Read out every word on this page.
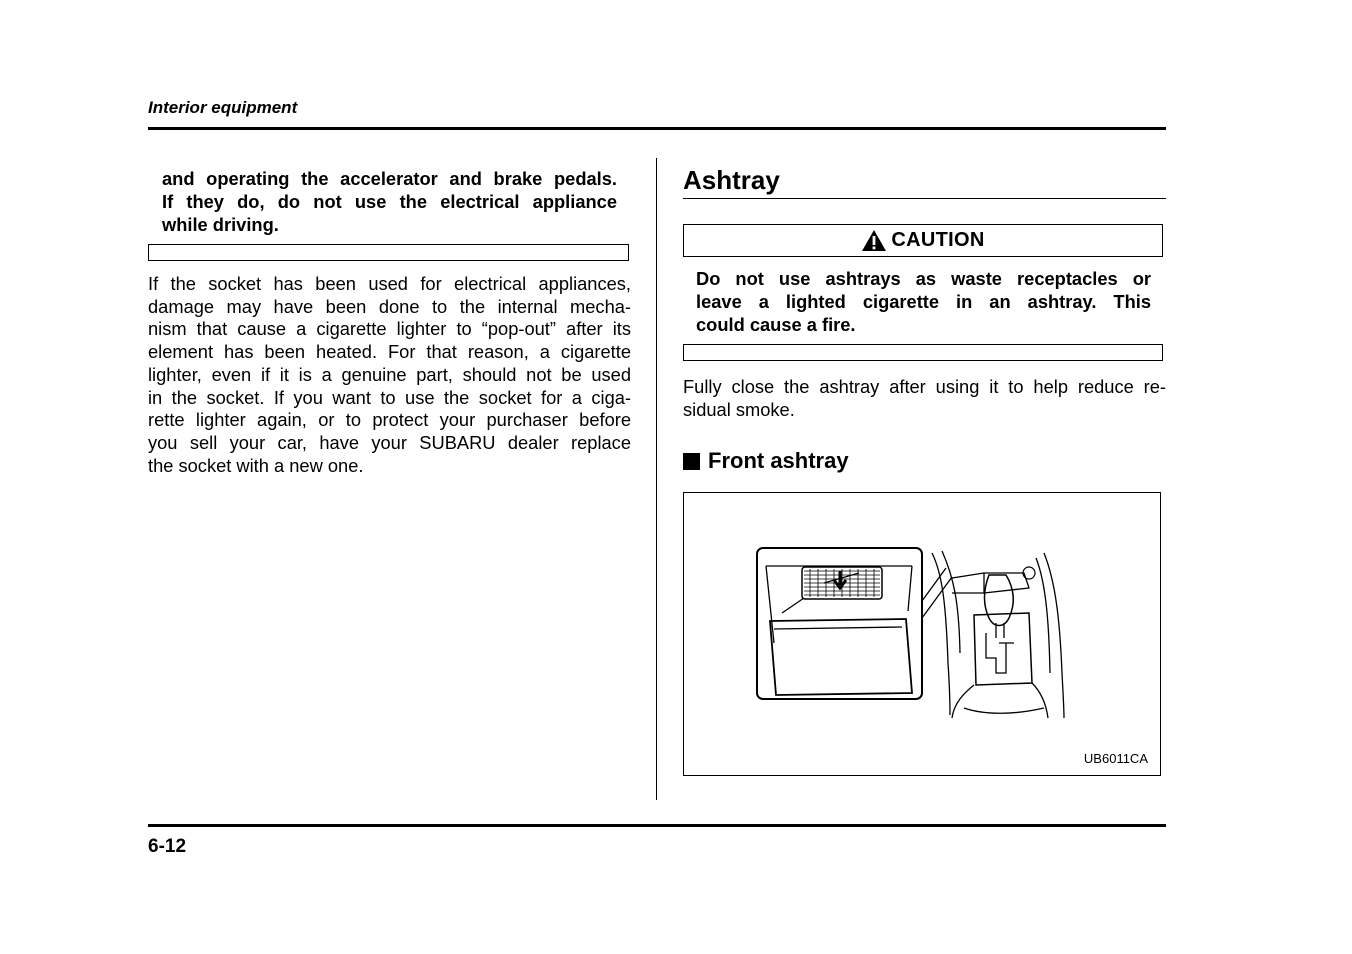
Interior equipment
and operating the accelerator and brake pedals.
If they do, do not use the electrical appliance
while driving.
If the socket has been used for electrical appliances,
damage may have been done to the internal mecha-
nism that cause a cigarette lighter to “pop-out” after its
element has been heated. For that reason, a cigarette
lighter, even if it is a genuine part, should not be used
in the socket. If you want to use the socket for a ciga-
rette lighter again, or to protect your purchaser before
you sell your car, have your SUBARU dealer replace
the socket with a new one.
Ashtray
CAUTION
Do not use ashtrays as waste receptacles or
leave a lighted cigarette in an ashtray. This
could cause a fire.
Fully close the ashtray after using it to help reduce re-
sidual smoke.
Front ashtray
UB6011CA
6-12
